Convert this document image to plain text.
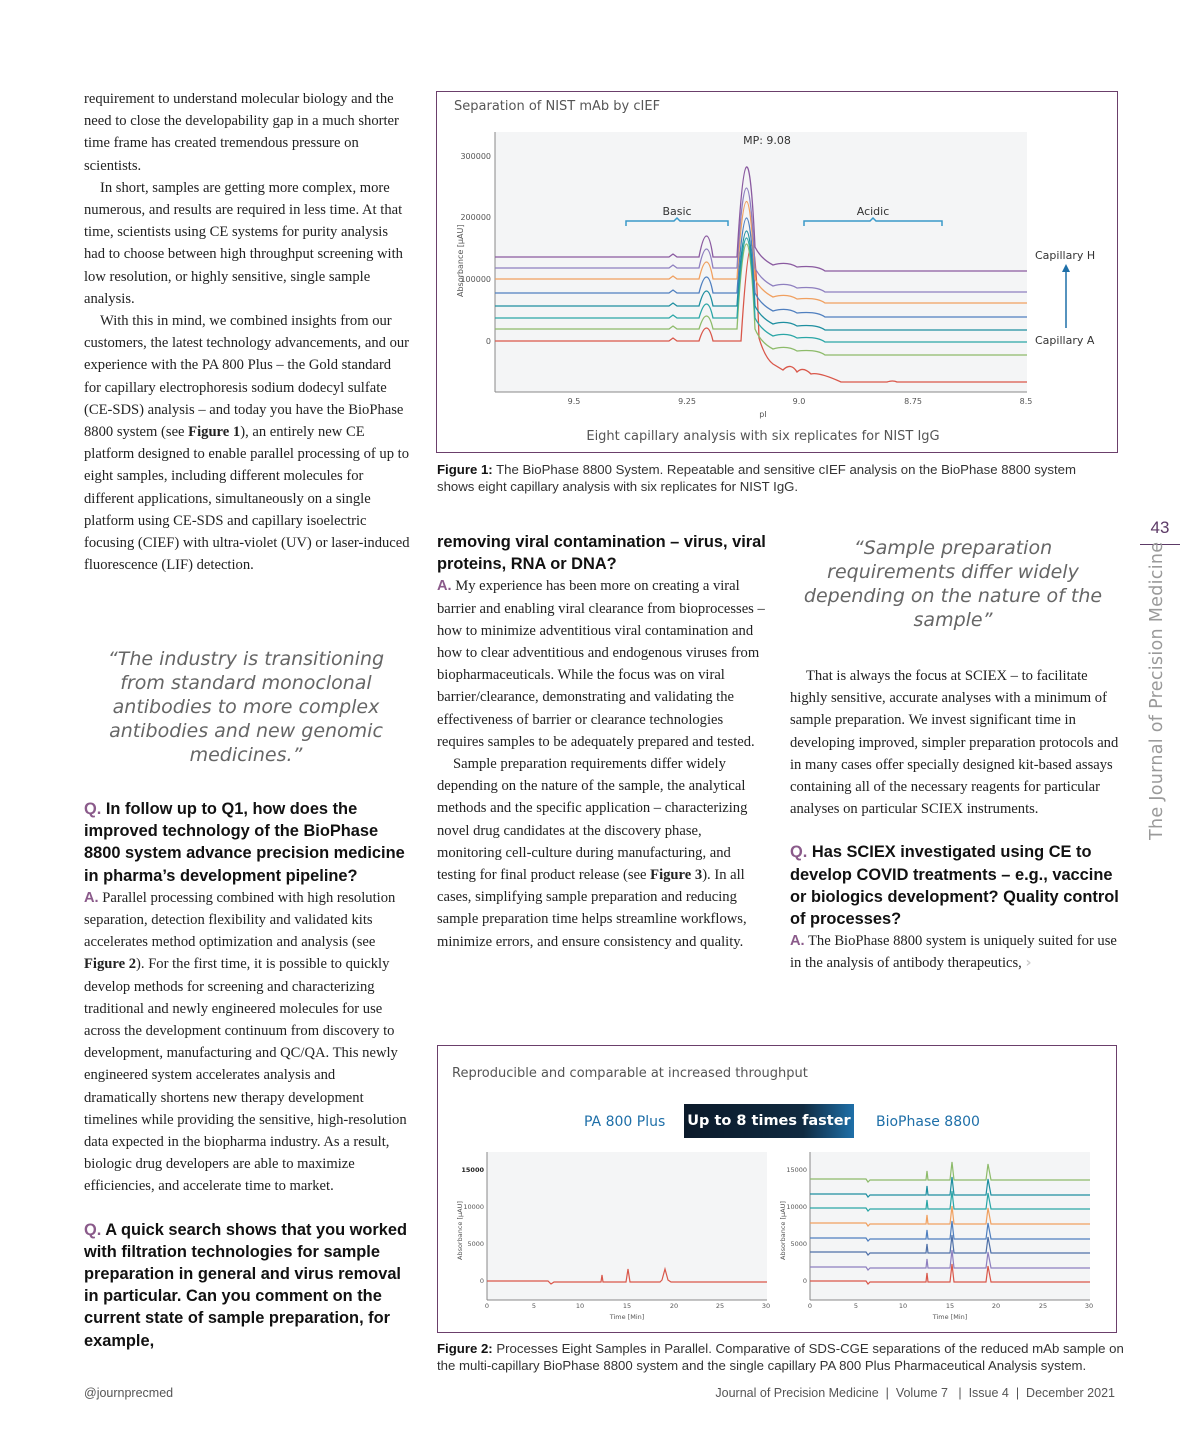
requirement to understand molecular biology and the need to close the developability gap in a much shorter time frame has created tremendous pressure on scientists.

In short, samples are getting more complex, more numerous, and results are required in less time. At that time, scientists using CE systems for purity analysis had to choose between high throughput screening with low resolution, or highly sensitive, single sample analysis.

With this in mind, we combined insights from our customers, the latest technology advancements, and our experience with the PA 800 Plus – the Gold standard for capillary electrophoresis sodium dodecyl sulfate (CE-SDS) analysis – and today you have the BioPhase 8800 system (see Figure 1), an entirely new CE platform designed to enable parallel processing of up to eight samples, including different molecules for different applications, simultaneously on a single platform using CE-SDS and capillary isoelectric focusing (CIEF) with ultra-violet (UV) or laser-induced fluorescence (LIF) detection.

“The industry is transitioning from standard monoclonal antibodies to more complex antibodies and new genomic medicines.”

Q. In follow up to Q1, how does the improved technology of the BioPhase 8800 system advance precision medicine in pharma’s development pipeline?

A. Parallel processing combined with high resolution separation, detection flexibility and validated kits accelerates method optimization and analysis (see Figure 2). For the first time, it is possible to quickly develop methods for screening and characterizing traditional and newly engineered molecules for use across the development continuum from discovery to development, manufacturing and QC/QA. This newly engineered system accelerates analysis and dramatically shortens new therapy development timelines while providing the sensitive, high-resolution data expected in the biopharma industry. As a result, biologic drug developers are able to maximize efficiencies, and accelerate time to market.

Q. A quick search shows that you worked with filtration technologies for sample preparation in general and virus removal in particular. Can you comment on the current state of sample preparation, for example,

Separation of NIST mAb by cIEF
300000
200000
100000
0
9.5	9.25	9.0	8.75	8.5
pI
Absorbance [µAU]
MP: 9.08
Basic	Acidic
Capillary H
Capillary A
Eight capillary analysis with six replicates for NIST IgG
Figure 1: The BioPhase 8800 System. Repeatable and sensitive cIEF analysis on the BioPhase 8800 system shows eight capillary analysis with six replicates for NIST IgG.

removing viral contamination – virus, viral proteins, RNA or DNA?

A. My experience has been more on creating a viral barrier and enabling viral clearance from bioprocesses – how to minimize adventitious viral contamination and how to clear adventitious and endogenous viruses from biopharmaceuticals. While the focus was on viral barrier/clearance, demonstrating and validating the effectiveness of barrier or clearance technologies requires samples to be adequately prepared and tested.

Sample preparation requirements differ widely depending on the nature of the sample, the analytical methods and the specific application – characterizing novel drug candidates at the discovery phase, monitoring cell-culture during manufacturing, and testing for final product release (see Figure 3). In all cases, simplifying sample preparation and reducing sample preparation time helps streamline workflows, minimize errors, and ensure consistency and quality.

“Sample preparation requirements differ widely depending on the nature of the sample”

That is always the focus at SCIEX – to facilitate highly sensitive, accurate analyses with a minimum of sample preparation. We invest significant time in developing improved, simpler preparation protocols and in many cases offer specially designed kit-based assays containing all of the necessary reagents for particular analyses on particular SCIEX instruments.

Q. Has SCIEX investigated using CE to develop COVID treatments – e.g., vaccine or biologics development? Quality control of processes?

A. The BioPhase 8800 system is uniquely suited for use in the analysis of antibody therapeutics, ›

Reproducible and comparable at increased throughput
PA 800 Plus Up to 8 times faster BioPhase 8800
15000
10000
5000
0
0	5	10	15	20	25	30
Time [Min]
Absorbance [µAU]
15000
10000
5000
0
0	5	10	15	20	25	30
Time [Min]
Absorbance [µAU]
Figure 2: Processes Eight Samples in Parallel. Comparative of SDS-CGE separations of the reduced mAb sample on the multi-capillary BioPhase 8800 system and the single capillary PA 800 Plus Pharmaceutical Analysis system.
43
The Journal of Precision Medicine
@journprecmed	Journal of Precision Medicine | Volume 7 | Issue 4 | December 2021
